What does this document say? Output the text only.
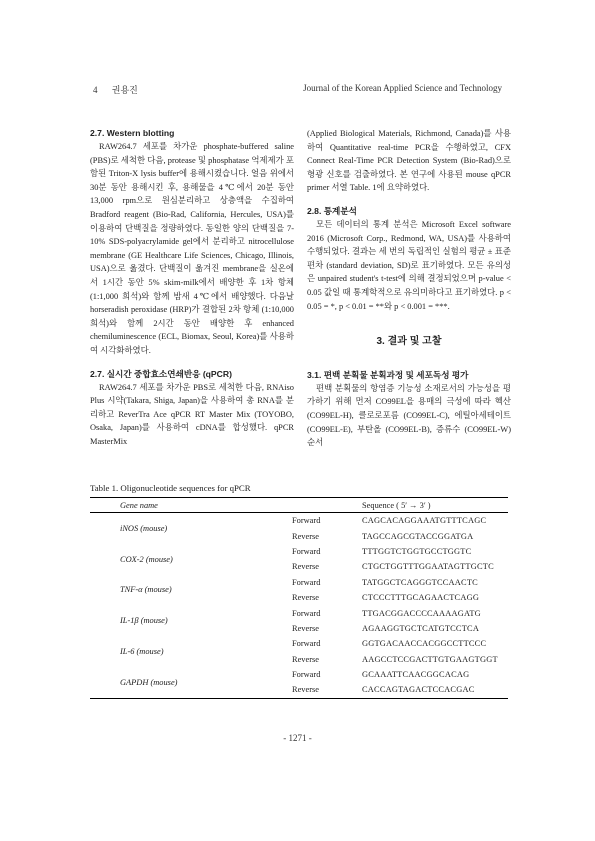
4 권용진	Journal of the Korean Applied Science and Technology
2.7. Western blotting

RAW264.7 세포를 차가운 phosphate-buffered saline (PBS)로 세척한 다음, protease 및 phosphatase 억제제가 포함된 Triton-X lysis buffer에 용해시켰습니다. 얼음 위에서 30분 동안 용해시킨 후, 용해물을 4℃에서 20분 동안 13,000 rpm으로 원심분리하고 상층액을 수집하여 Bradford reagent (Bio-Rad, California, Hercules, USA)를 이용하여 단백질을 정량하였다. 동일한 양의 단백질을 7-10% SDS-polyacrylamide gel에서 분리하고 nitrocellulose membrane (GE Healthcare Life Sciences, Chicago, Illinois, USA)으로 옮겼다. 단백질이 옮겨진 membrane을 실온에서 1시간 동안 5% skim-milk에서 배양한 후 1차 항체 (1:1,000 희석)와 함께 밤새 4℃에서 배양했다. 다음날 horseradish peroxidase (HRP)가 결합된 2차 항체 (1:10,000 희석)와 함께 2시간 동안 배양한 후 enhanced chemiluminescence (ECL, Biomax, Seoul, Korea)를 사용하여 시각화하였다.

2.7. 실시간 중합효소연쇄반응 (qPCR)

RAW264.7 세포를 차가운 PBS로 세척한 다음, RNAiso Plus 시약(Takara, Shiga, Japan)을 사용하여 총 RNA를 분리하고 ReverTra Ace qPCR RT Master Mix (TOYOBO, Osaka, Japan)를 사용하여 cDNA를 합성했다. qPCR MasterMix

(Applied Biological Materials, Richmond, Canada)를 사용하여 Quantitative real-time PCR을 수행하였고, CFX Connect Real-Time PCR Detection System (Bio-Rad)으로 형광 신호를 검출하였다. 본 연구에 사용된 mouse qPCR primer 서열 Table. 1에 요약하였다.

2.8. 통계분석

모든 데이터의 통계 분석은 Microsoft Excel software 2016 (Microsoft Corp., Redmond, WA, USA)를 사용하여 수행되었다. 결과는 세 번의 독립적인 실험의 평균 ± 표준 편차 (standard deviation, SD)로 표기하였다. 모든 유의성은 unpaired student's t-test에 의해 결정되었으며 p-value < 0.05 값일 때 통계학적으로 유의미하다고 표기하였다. p < 0.05 = *, p < 0.01 = **와 p < 0.001 = ***.

3. 결과 및 고찰
3.1. 편백 분획물 분획과정 및 세포독성 평가

편백 분획물의 항염증 기능성 소재로서의 가능성을 평가하기 위해 먼저 CO99EL을 용매의 극성에 따라 헥산 (CO99EL-H), 클로로포름 (CO99EL-C), 에틸아세테이트 (CO99EL-E), 부탄올 (CO99EL-B), 증류수 (CO99EL-W) 순서

Table 1. Oligonucleotide sequences for qPCR
Gene name		Sequence ( 5′ → 3′ )
iNOS (mouse)	Forward	CAGCACAGGAAATGTTTCAGC
	Reverse	TAGCCAGCGTACCGGATGA
COX-2 (mouse)	Forward	TTTGGTCTGGTGCCTGGTC
	Reverse	CTGCTGGTTTGGAATAGTTGCTC
TNF-α (mouse)	Forward	TATGGCTCAGGGTCCAACTC
	Reverse	CTCCCTTTGCAGAACTCAGG
IL-1β (mouse)	Forward	TTGACGGACCCCAAAAGATG
	Reverse	AGAAGGTGCTCATGTCCTCA
IL-6 (mouse)	Forward	GGTGACAACCACGGCCTTCCC
	Reverse	AAGCCTCCGACTTGTGAAGTGGT
GAPDH (mouse)	Forward	GCAAATTCAACGGCACAG
	Reverse	CACCAGTAGACTCCACGAC
- 1271 -
